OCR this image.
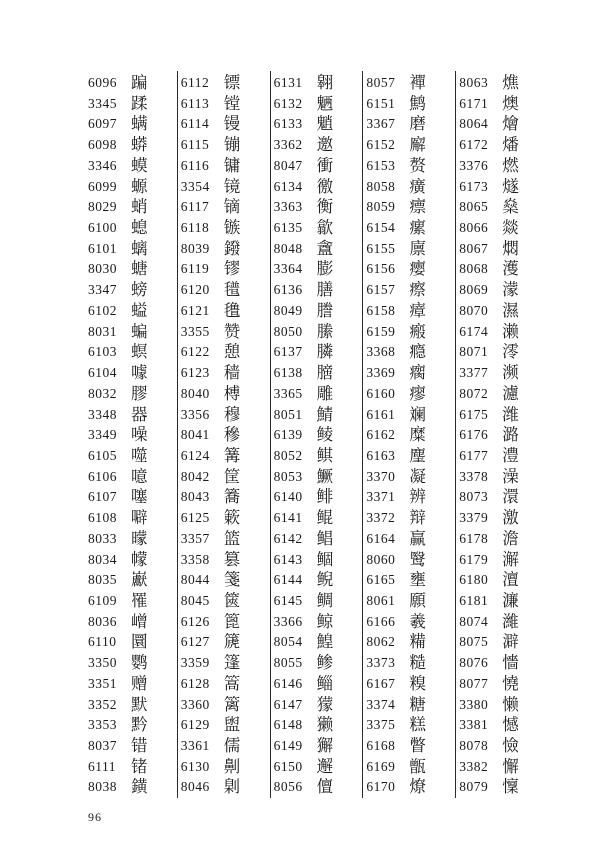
6096 蹁
3345 蹂
6097 螨
6098 蟒
3346 蟆
6099 螈
8029 蛸
6100 螅
6101 螭
8030 螗
3347 螃
6102 螠
8031 蝙
6103 螟
6104 噱
8032 膠
3348 器
3349 噪
6105 噬
6106 噫
6107 噻
6108 噼
8033 曚
8034 幪
8035 巚
6109 罹
8036 嶒
6110 圜
3350 鹦
3351 赠
3352 默
3353 黔
8037 错
6111 锗
8038 鐄
6112 镖
6113 镗
6114 镘
6115 镚
6116 镛
3354 镜
6117 镝
6118 镞
8039 鏺
6119 镠
6120 氆
6121 氇
3355 赞
6122 憩
6123 穑
8040 榑
3356 穆
8041 穇
6124 篝
8042 筐
8043 簥
6125 簌
3357 篮
3358 篡
8044 箋
8045 篋
6126 篦
6127 篪
3359 篷
6128 篙
3360 篱
6129 盥
3361 儒
6130 劓
8046 㓷
6131 翱
6132 魉
6133 魈
3362 邀
8047 衝
6134 徼
3363 衡
6135 歙
8048 盦
3364 膨
6136 膳
8049 謄
8050 縢
6137 膦
6138 膪
3365 雕
8051 鯖
6139 鲮
8052 鲯
8053 鱖
6140 鲱
6141 鲲
6142 鲳
6143 鲴
6144 鲵
6145 鲷
3366 鲸
8054 鰉
8055 鲹
6146 鲻
6147 獴
6148 獭
6149 獬
6150 邂
8056 儃
8057 襌
6151 鹪
3367 磨
6152 廨
6153 赘
8058 癀
8059 瘭
6154 瘰
6155 廪
6156 瘿
6157 瘵
6158 瘴
6159 瘢
3368 瘾
3369 瘸
6160 瘳
6161 斓
6162 糜
6163 麈
3370 凝
3371 辨
3372 辩
6164 赢
8060 鹥
6165 壅
8061 願
6166 羲
8062 糒
3373 糙
6167 糗
3374 糖
3375 糕
6168 瞥
6169 甑
6170 燎
8063 燋
6171 燠
8064 燴
6172 燔
3376 燃
6173 燧
8065 燊
8066 燚
8067 燜
8068 濩
8069 濛
8070 濕
6174 濑
8071 澪
3377 濒
8072 濾
6175 潍
6176 潞
6177 澧
3378 澡
8073 澴
3379 激
6178 澹
6179 澥
6180 澶
6181 濂
8074 濰
8075 澼
8076 懎
8077 憢
3380 懒
3381 憾
8078 憸
3382 懈
8079 懍
96
